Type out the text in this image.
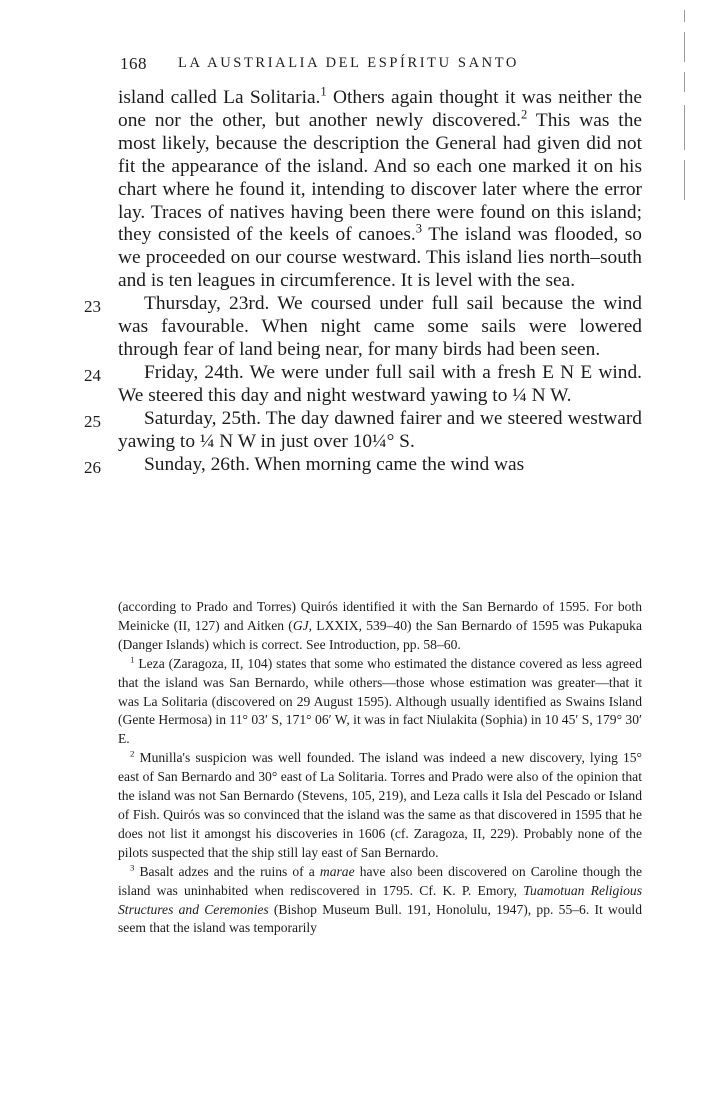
168 LA AUSTRIALIA DEL ESPÍRITU SANTO

island called La Solitaria.$^1$ Others again thought it was neither the one nor the other, but another newly discovered.$^2$ This was the most likely, because the description the General had given did not fit the appearance of the island. And so each one marked it on his chart where he found it, intending to discover later where the error lay. Traces of natives having been there were found on this island; they consisted of the keels of canoes.$^3$ The island was flooded, so we proceeded on our course westward. This island lies north–south and is ten leagues in circumference. It is level with the sea.

23	Thursday, 23rd. We coursed under full sail because the wind was favourable. When night came some sails were lowered through fear of land being near, for many birds had been seen.

24	Friday, 24th. We were under full sail with a fresh E N E wind. We steered this day and night westward yawing to ¼ N W.

25	Saturday, 25th. The day dawned fairer and we steered westward yawing to ¼ N W in just over 10¼° S.

26	Sunday, 26th. When morning came the wind was

(according to Prado and Torres) Quirós identified it with the San Bernardo of 1595. For both Meinicke (II, 127) and Aitken (GJ, LXXIX, 539–40) the San Bernardo of 1595 was Pukapuka (Danger Islands) which is correct. See Introduction, pp. 58–60.

$^1$ Leza (Zaragoza, II, 104) states that some who estimated the distance covered as less agreed that the island was San Bernardo, while others—those whose estimation was greater—that it was La Solitaria (discovered on 29 August 1595). Although usually identified as Swains Island (Gente Hermosa) in 11° 03′ S, 171° 06′ W, it was in fact Niulakita (Sophia) in 10 45′ S, 179° 30′ E.

$^2$ Munilla's suspicion was well founded. The island was indeed a new discovery, lying 15° east of San Bernardo and 30° east of La Solitaria. Torres and Prado were also of the opinion that the island was not San Bernardo (Stevens, 105, 219), and Leza calls it Isla del Pescado or Island of Fish. Quirós was so convinced that the island was the same as that discovered in 1595 that he does not list it amongst his discoveries in 1606 (cf. Zaragoza, II, 229). Probably none of the pilots suspected that the ship still lay east of San Bernardo.

$^3$ Basalt adzes and the ruins of a marae have also been discovered on Caroline though the island was uninhabited when rediscovered in 1795. Cf. K. P. Emory, Tuamotuan Religious Structures and Ceremonies (Bishop Museum Bull. 191, Honolulu, 1947), pp. 55–6. It would seem that the island was temporarily
